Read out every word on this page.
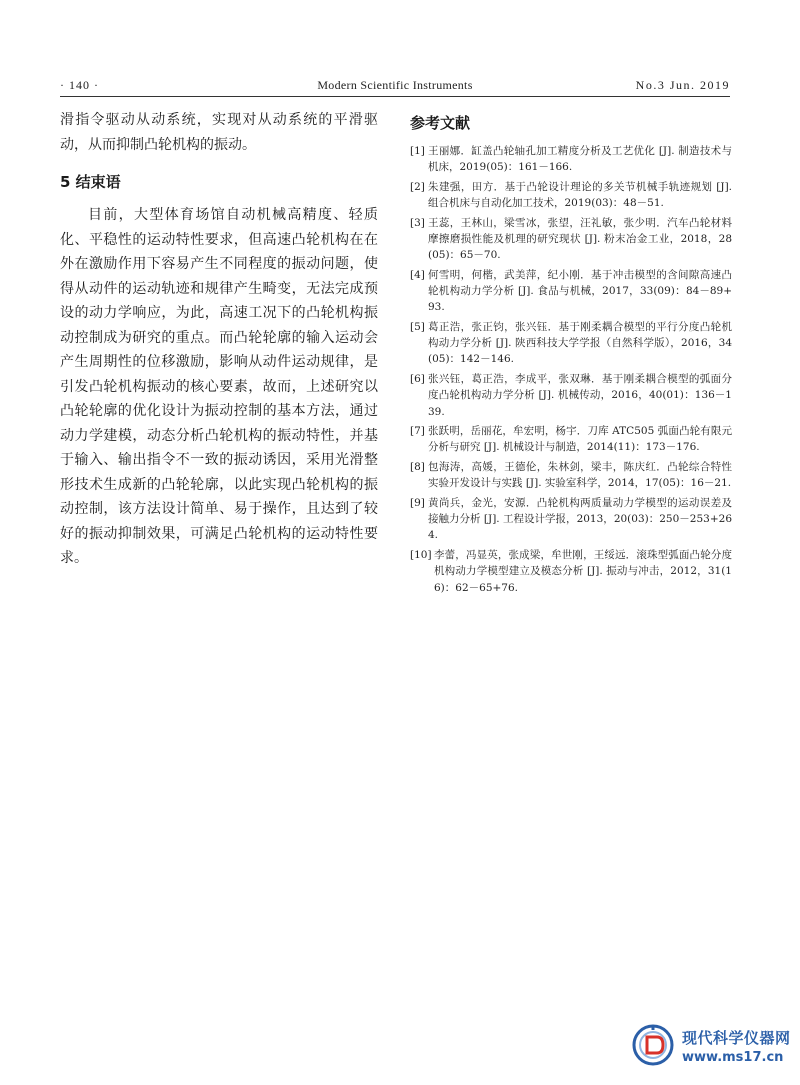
· 140 ·	Modern Scientific Instruments	No.3 Jun. 2019

滑指令驱动从动系统，实现对从动系统的平滑驱动，从而抑制凸轮机构的振动。

5 结束语

目前，大型体育场馆自动机械高精度、轻质化、平稳性的运动特性要求，但高速凸轮机构在在外在激励作用下容易产生不同程度的振动问题，使得从动件的运动轨迹和规律产生畸变，无法完成预设的动力学响应，为此，高速工况下的凸轮机构振动控制成为研究的重点。而凸轮轮廓的输入运动会产生周期性的位移激励，影响从动件运动规律，是引发凸轮机构振动的核心要素，故而，上述研究以凸轮轮廓的优化设计为振动控制的基本方法，通过动力学建模，动态分析凸轮机构的振动特性，并基于输入、输出指令不一致的振动诱因，采用光滑整形技术生成新的凸轮轮廓，以此实现凸轮机构的振动控制，该方法设计简单、易于操作，且达到了较好的振动抑制效果，可满足凸轮机构的运动特性要求。

参考文献
[1] 王丽娜．缸盖凸轮轴孔加工精度分析及工艺优化 [J]. 制造技术与机床，2019(05)：161－166.
[2] 朱建强，田方．基于凸轮设计理论的多关节机械手轨迹规划 [J]. 组合机床与自动化加工技术，2019(03)：48－51.
[3] 王蕊，王林山，梁雪冰，张望，汪礼敏，张少明．汽车凸轮材料摩擦磨损性能及机理的研究现状 [J]. 粉末冶金工业，2018，28(05)：65－70.
[4] 何雪明，何楷，武美萍，纪小刚．基于冲击模型的含间隙高速凸轮机构动力学分析 [J]. 食品与机械，2017，33(09)：84－89+93.
[5] 葛正浩，张正钧，张兴钰．基于刚柔耦合模型的平行分度凸轮机构动力学分析 [J]. 陕西科技大学学报（自然科学版），2016，34(05)：142－146.
[6] 张兴钰，葛正浩，李成平，张双琳．基于刚柔耦合模型的弧面分度凸轮机构动力学分析 [J]. 机械传动，2016，40(01)：136－139.
[7] 张跃明，岳丽花，牟宏明，杨宇．刀库 ATC505 弧面凸轮有限元分析与研究 [J]. 机械设计与制造，2014(11)：173－176.
[8] 包海涛，高媛，王德伦，朱林剑，梁丰，陈庆红．凸轮综合特性实验开发设计与实践 [J]. 实验室科学，2014，17(05)：16－21.
[9] 黄尚兵，金光，安源．凸轮机构两质量动力学模型的运动误差及接触力分析 [J]. 工程设计学报，2013，20(03)：250－253+264.
[10] 李蕾，冯显英，张成梁，牟世刚，王绥远．滚珠型弧面凸轮分度机构动力学模型建立及模态分析 [J]. 振动与冲击，2012，31(16)：62－65+76.
现代科学仪器网
www.ms17.cn
